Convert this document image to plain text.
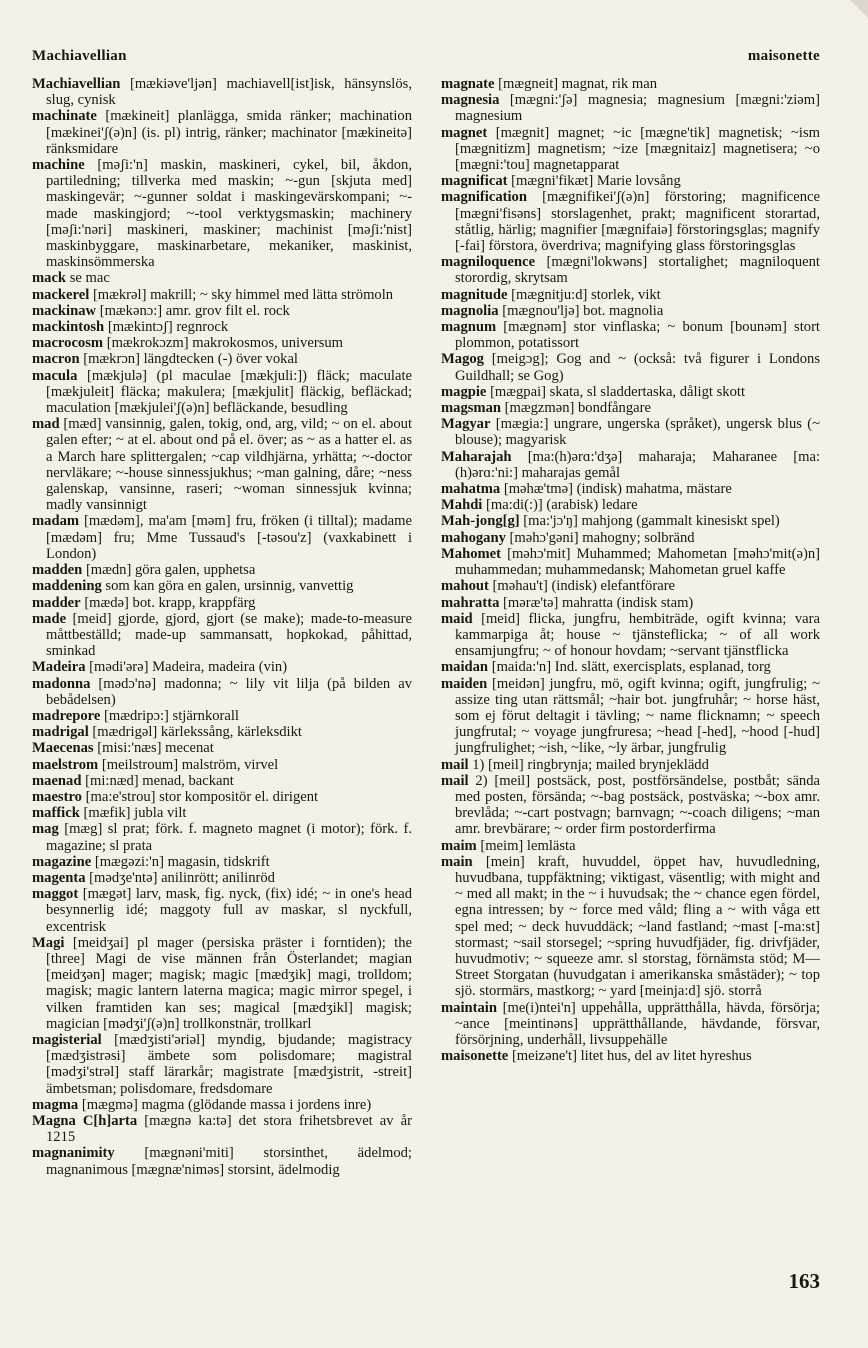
Machiavellian	maisonette
Machiavellian [mækiəve'ljən] machiavell[ist]isk, hänsynslös, slug, cynisk
machinate [mækineit] planlägga, smida ränker; machination [mækinei'ʃ(ə)n] (is. pl) intrig, ränker; machinator [mækineitə] ränksmidare
machine [məʃi:'n] maskin, maskineri, cykel, bil, åkdon, partiledning; tillverka med maskin; ~-gun [skjuta med] maskingevär; ~-gunner soldat i maskingevärskompani; ~-made maskingjord; ~-tool verktygsmaskin; machinery [məʃi:'nəri] maskineri, maskiner; machinist [məʃi:'nist] maskinbyggare, maskinarbetare, mekaniker, maskinist, maskinsömmerska
mack se mac
mackerel [mækrəl] makrill; ~ sky himmel med lätta strömoln
mackinaw [mækənɔ:] amr. grov filt el. rock
mackintosh [mækintɔʃ] regnrock
macrocosm [mækrokɔzm] makrokosmos, universum
macron [mækrɔn] längdtecken (-) över vokal
macula [mækjulə] (pl maculae [mækjuli:]) fläck; maculate [mækjuleit] fläcka; makulera; [mækjulit] fläckig, befläckad; maculation [mækjulei'ʃ(ə)n] befläckande, besudling
mad [mæd] vansinnig, galen, tokig, ond, arg, vild; ~ on el. about galen efter; ~ at el. about ond på el. över; as ~ as a hatter el. as a March hare splittergalen; ~cap vildhjärna, yrhätta; ~-doctor nervläkare; ~-house sinnessjukhus; ~man galning, dåre; ~ness galenskap, vansinne, raseri; ~woman sinnessjuk kvinna; madly vansinnigt
madam [mædəm], ma'am [məm] fru, fröken (i tilltal); madame [mædəm] fru; Mme Tussaud's [-təsou'z] (vaxkabinett i London)
madden [mædn] göra galen, upphetsa
maddening som kan göra en galen, ursinnig, vanvettig
madder [mædə] bot. krapp, krappfärg
made [meid] gjorde, gjord, gjort (se make); made-to-measure måttbeställd; made-up sammansatt, hopkokad, påhittad, sminkad
Madeira [mədi'ərə] Madeira, madeira (vin)
madonna [mədɔ'nə] madonna; ~ lily vit lilja (på bilden av bebådelsen)
madrepore [mædripɔ:] stjärnkorall
madrigal [mædrigəl] kärlekssång, kärleksdikt
Maecenas [misi:'næs] mecenat
maelstrom [meilstroum] malström, virvel
maenad [mi:næd] menad, backant
maestro [ma:e'strou] stor kompositör el. dirigent
maffick [mæfik] jubla vilt
mag [mæg] sl prat; förk. f. magneto magnet (i motor); förk. f. magazine; sl prata
magazine [mægəzi:'n] magasin, tidskrift
magenta [mədʒe'ntə] anilinrött; anilinröd
maggot [mægət] larv, mask, fig. nyck, (fix) idé; ~ in one's head besynnerlig idé; maggoty full av maskar, sl nyckfull, excentrisk
Magi [meidʒai] pl mager (persiska präster i forntiden); the [three] Magi de vise männen från Österlandet; magian [meidʒən] mager; magisk; magic [mædʒik] magi, trolldom; magisk; magic lantern laterna magica; magic mirror spegel, i vilken framtiden kan ses; magical [mædʒikl] magisk; magician [mədʒi'ʃ(ə)n] trollkonstnär, trollkarl
magisterial [mædʒisti'əriəl] myndig, bjudande; magistracy [mædʒistrəsi] ämbete som polisdomare; magistral [mədʒi'strəl] staff lärarkår; magistrate [mædʒistrit, -streit] ämbetsman; polisdomare, fredsdomare
magma [mægmə] magma (glödande massa i jordens inre)
Magna C[h]arta [mægnə ka:tə] det stora frihetsbrevet av år 1215
magnanimity [mægnəni'miti] storsinthet, ädelmod; magnanimous [mægnæ'niməs] storsint, ädelmodig
magnate [mægneit] magnat, rik man
magnesia [mægni:'ʃə] magnesia; magnesium [mægni:'ziəm] magnesium
magnet [mægnit] magnet; ~ic [mægne'tik] magnetisk; ~ism [mægnitizm] magnetism; ~ize [mægnitaiz] magnetisera; ~o [mægni:'tou] magnetapparat
magnificat [mægni'fikæt] Marie lovsång
magnification [mægnifikei'ʃ(ə)n] förstoring; magnificence [mægni'fisəns] storslagenhet, prakt; magnificent storartad, ståtlig, härlig; magnifier [mægnifaiə] förstoringsglas; magnify [-fai] förstora, överdriva; magnifying glass förstoringsglas
magniloquence [mægni'lokwəns] stortalighet; magniloquent storordig, skrytsam
magnitude [mægnitju:d] storlek, vikt
magnolia [mægnou'ljə] bot. magnolia
magnum [mægnəm] stor vinflaska; ~ bonum [bounəm] stort plommon, potatissort
Magog [meigɔg]; Gog and ~ (också: två figurer i Londons Guildhall; se Gog)
magpie [mægpai] skata, sl sladdertaska, dåligt skott
magsman [mægzmən] bondfångare
Magyar [mægia:] ungrare, ungerska (språket), ungersk blus (~ blouse); magyarisk
Maharajah [ma:(h)ərɑ:'dʒə] maharaja; Maharanee [ma:(h)ərɑ:'ni:] maharajas gemål
mahatma [məhæ'tmə] (indisk) mahatma, mästare
Mahdi [ma:di(:)] (arabisk) ledare
Mah-jong[g] [ma:'jɔ'ŋ] mahjong (gammalt kinesiskt spel)
mahogany [məhɔ'gəni] mahogny; solbränd
Mahomet [məhɔ'mit] Muhammed; Mahometan [məhɔ'mit(ə)n] muhammedan; muhammedansk; Mahometan gruel kaffe
mahout [məhau't] (indisk) elefantförare
mahratta [məræ'tə] mahratta (indisk stam)
maid [meid] flicka, jungfru, hembiträde, ogift kvinna; vara kammarpiga åt; house ~ tjänsteflicka; ~ of all work ensamjungfru; ~ of honour hovdam; ~servant tjänstflicka
maidan [maida:'n] Ind. slätt, exercisplats, esplanad, torg
maiden [meidən] jungfru, mö, ogift kvinna; ogift, jungfrulig; ~ assize ting utan rättsmål; ~hair bot. jungfruhår; ~ horse häst, som ej förut deltagit i tävling; ~ name flicknamn; ~ speech jungfrutal; ~ voyage jungfruresa; ~head [-hed], ~hood [-hud] jungfrulighet; ~ish, ~like, ~ly ärbar, jungfrulig
mail 1) [meil] ringbrynja; mailed brynjeklädd
mail 2) [meil] postsäck, post, postförsändelse, postbåt; sända med posten, försända; ~-bag postsäck, postväska; ~-box amr. brevlåda; ~-cart postvagn; barnvagn; ~-coach diligens; ~man amr. brevbärare; ~ order firm postorderfirma
maim [meim] lemlästa
main [mein] kraft, huvuddel, öppet hav, huvudledning, huvudbana, tuppfäktning; viktigast, väsentlig; with might and ~ med all makt; in the ~ i huvudsak; the ~ chance egen fördel, egna intressen; by ~ force med våld; fling a ~ with våga ett spel med; ~ deck huvuddäck; ~land fastland; ~mast [-ma:st] stormast; ~sail storsegel; ~spring huvudfjäder, fig. drivfjäder, huvudmotiv; ~ squeeze amr. sl storstag, förnämsta stöd; M— Street Storgatan (huvudgatan i amerikanska småstäder); ~ top sjö. stormärs, mastkorg; ~ yard [meinja:d] sjö. storrå
maintain [me(i)ntei'n] uppehålla, upprätthålla, hävda, försörja; ~ance [meintinəns] upprätthållande, hävdande, försvar, försörjning, underhåll, livsuppehälle
maisonette [meizəne't] litet hus, del av litet hyreshus
163
